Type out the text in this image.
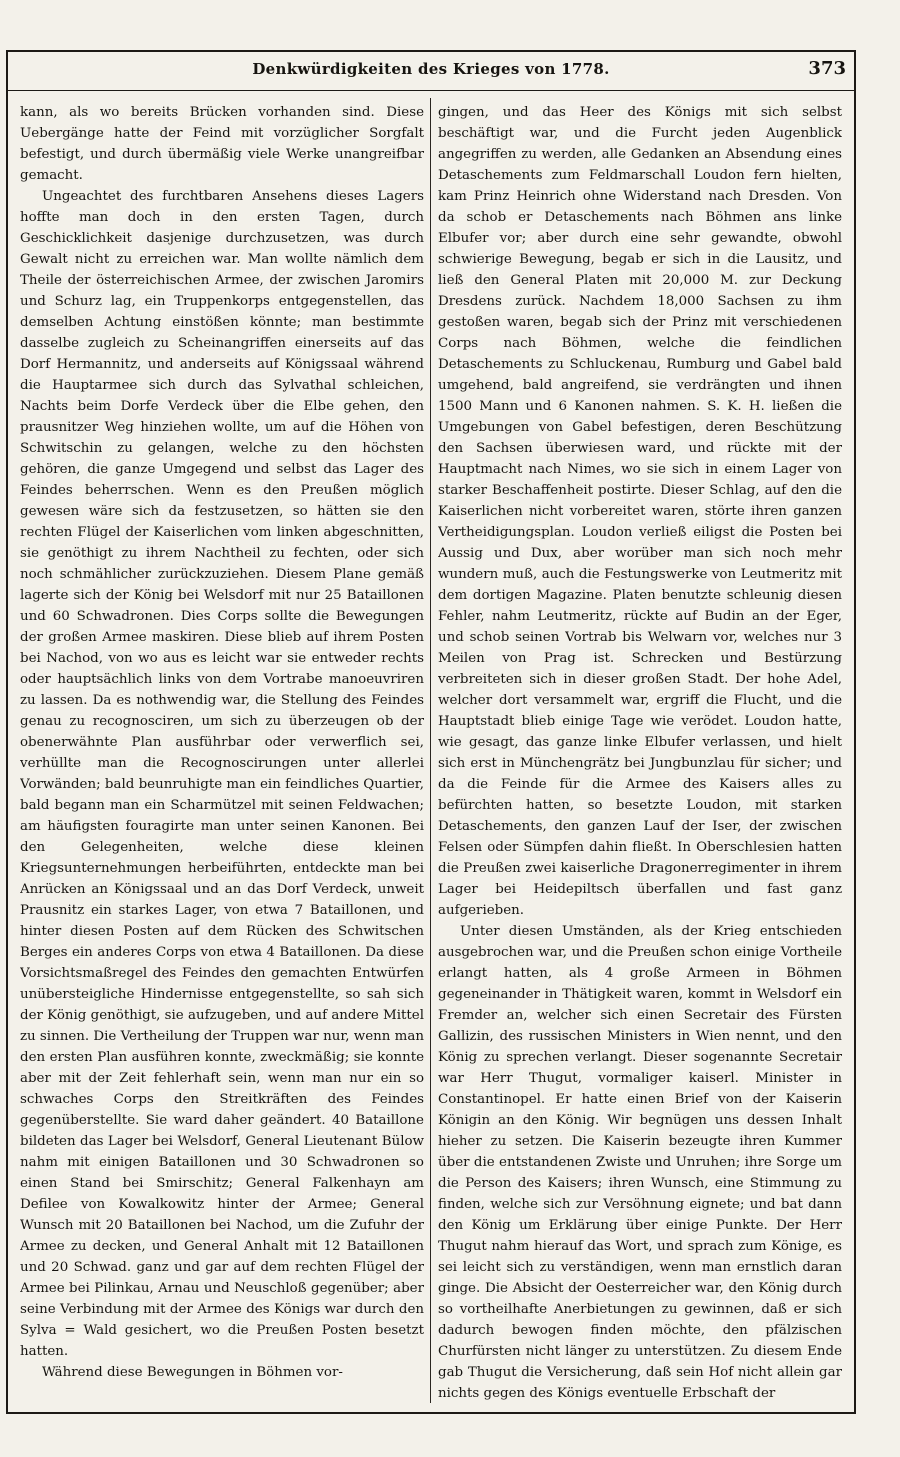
Denkwürdigkeiten des Krieges von 1778.	373

kann, als wo bereits Brücken vorhanden sind. Diese Uebergänge hatte der Feind mit vorzüglicher Sorgfalt befestigt, und durch übermäßig viele Werke unangreifbar gemacht.

Ungeachtet des furchtbaren Ansehens dieses Lagers hoffte man doch in den ersten Tagen, durch Geschicklichkeit dasjenige durchzusetzen, was durch Gewalt nicht zu erreichen war. Man wollte nämlich dem Theile der österreichischen Armee, der zwischen Jaromirs und Schurz lag, ein Truppenkorps entgegenstellen, das demselben Achtung einstößen könnte; man bestimmte dasselbe zugleich zu Scheinangriffen einerseits auf das Dorf Hermannitz, und anderseits auf Königssaal während die Hauptarmee sich durch das Sylvathal schleichen, Nachts beim Dorfe Verdeck über die Elbe gehen, den prausnitzer Weg hinziehen wollte, um auf die Höhen von Schwitschin zu gelangen, welche zu den höchsten gehören, die ganze Umgegend und selbst das Lager des Feindes beherrschen. Wenn es den Preußen möglich gewesen wäre sich da festzusetzen, so hätten sie den rechten Flügel der Kaiserlichen vom linken abgeschnitten, sie genöthigt zu ihrem Nachtheil zu fechten, oder sich noch schmählicher zurückzuziehen. Diesem Plane gemäß lagerte sich der König bei Welsdorf mit nur 25 Bataillonen und 60 Schwadronen. Dies Corps sollte die Bewegungen der großen Armee maskiren. Diese blieb auf ihrem Posten bei Nachod, von wo aus es leicht war sie entweder rechts oder hauptsächlich links von dem Vortrabe manoeuvriren zu lassen. Da es nothwendig war, die Stellung des Feindes genau zu recognosciren, um sich zu überzeugen ob der obenerwähnte Plan ausführbar oder verwerflich sei, verhüllte man die Recognoscirungen unter allerlei Vorwänden; bald beunruhigte man ein feindliches Quartier, bald begann man ein Scharmützel mit seinen Feldwachen; am häufigsten fouragirte man unter seinen Kanonen. Bei den Gelegenheiten, welche diese kleinen Kriegsunternehmungen herbeiführten, entdeckte man bei Anrücken an Königssaal und an das Dorf Verdeck, unweit Prausnitz ein starkes Lager, von etwa 7 Bataillonen, und hinter diesen Posten auf dem Rücken des Schwitschen Berges ein anderes Corps von etwa 4 Bataillonen. Da diese Vorsichtsmaßregel des Feindes den gemachten Entwürfen unübersteigliche Hindernisse entgegenstellte, so sah sich der König genöthigt, sie aufzugeben, und auf andere Mittel zu sinnen. Die Vertheilung der Truppen war nur, wenn man den ersten Plan ausführen konnte, zweckmäßig; sie konnte aber mit der Zeit fehlerhaft sein, wenn man nur ein so schwaches Corps den Streitkräften des Feindes gegenüberstellte. Sie ward daher geändert. 40 Bataillone bildeten das Lager bei Welsdorf, General Lieutenant Bülow nahm mit einigen Bataillonen und 30 Schwadronen so einen Stand bei Smirschitz; General Falkenhayn am Defilee von Kowalkowitz hinter der Armee; General Wunsch mit 20 Bataillonen bei Nachod, um die Zufuhr der Armee zu decken, und General Anhalt mit 12 Bataillonen und 20 Schwad. ganz und gar auf dem rechten Flügel der Armee bei Pilinkau, Arnau und Neuschloß gegenüber; aber seine Verbindung mit der Armee des Königs war durch den Sylva = Wald gesichert, wo die Preußen Posten besetzt hatten.

Während diese Bewegungen in Böhmen vor-

gingen, und das Heer des Königs mit sich selbst beschäftigt war, und die Furcht jeden Augenblick angegriffen zu werden, alle Gedanken an Absendung eines Detaschements zum Feldmarschall Loudon fern hielten, kam Prinz Heinrich ohne Widerstand nach Dresden. Von da schob er Detaschements nach Böhmen ans linke Elbufer vor; aber durch eine sehr gewandte, obwohl schwierige Bewegung, begab er sich in die Lausitz, und ließ den General Platen mit 20,000 M. zur Deckung Dresdens zurück. Nachdem 18,000 Sachsen zu ihm gestoßen waren, begab sich der Prinz mit verschiedenen Corps nach Böhmen, welche die feindlichen Detaschements zu Schluckenau, Rumburg und Gabel bald umgehend, bald angreifend, sie verdrängten und ihnen 1500 Mann und 6 Kanonen nahmen. S. K. H. ließen die Umgebungen von Gabel befestigen, deren Beschützung den Sachsen überwiesen ward, und rückte mit der Hauptmacht nach Nimes, wo sie sich in einem Lager von starker Beschaffenheit postirte. Dieser Schlag, auf den die Kaiserlichen nicht vorbereitet waren, störte ihren ganzen Vertheidigungsplan. Loudon verließ eiligst die Posten bei Aussig und Dux, aber worüber man sich noch mehr wundern muß, auch die Festungswerke von Leutmeritz mit dem dortigen Magazine. Platen benutzte schleunig diesen Fehler, nahm Leutmeritz, rückte auf Budin an der Eger, und schob seinen Vortrab bis Welwarn vor, welches nur 3 Meilen von Prag ist. Schrecken und Bestürzung verbreiteten sich in dieser großen Stadt. Der hohe Adel, welcher dort versammelt war, ergriff die Flucht, und die Hauptstadt blieb einige Tage wie verödet. Loudon hatte, wie gesagt, das ganze linke Elbufer verlassen, und hielt sich erst in Münchengrätz bei Jungbunzlau für sicher; und da die Feinde für die Armee des Kaisers alles zu befürchten hatten, so besetzte Loudon, mit starken Detaschements, den ganzen Lauf der Iser, der zwischen Felsen oder Sümpfen dahin fließt. In Oberschlesien hatten die Preußen zwei kaiserliche Dragonerregimenter in ihrem Lager bei Heidepiltsch überfallen und fast ganz aufgerieben.

Unter diesen Umständen, als der Krieg entschieden ausgebrochen war, und die Preußen schon einige Vortheile erlangt hatten, als 4 große Armeen in Böhmen gegeneinander in Thätigkeit waren, kommt in Welsdorf ein Fremder an, welcher sich einen Secretair des Fürsten Gallizin, des russischen Ministers in Wien nennt, und den König zu sprechen verlangt. Dieser sogenannte Secretair war Herr Thugut, vormaliger kaiserl. Minister in Constantinopel. Er hatte einen Brief von der Kaiserin Königin an den König. Wir begnügen uns dessen Inhalt hieher zu setzen. Die Kaiserin bezeugte ihren Kummer über die entstandenen Zwiste und Unruhen; ihre Sorge um die Person des Kaisers; ihren Wunsch, eine Stimmung zu finden, welche sich zur Versöhnung eignete; und bat dann den König um Erklärung über einige Punkte. Der Herr Thugut nahm hierauf das Wort, und sprach zum Könige, es sei leicht sich zu verständigen, wenn man ernstlich daran ginge. Die Absicht der Oesterreicher war, den König durch so vortheilhafte Anerbietungen zu gewinnen, daß er sich dadurch bewogen finden möchte, den pfälzischen Churfürsten nicht länger zu unterstützen. Zu diesem Ende gab Thugut die Versicherung, daß sein Hof nicht allein gar nichts gegen des Königs eventuelle Erbschaft der
